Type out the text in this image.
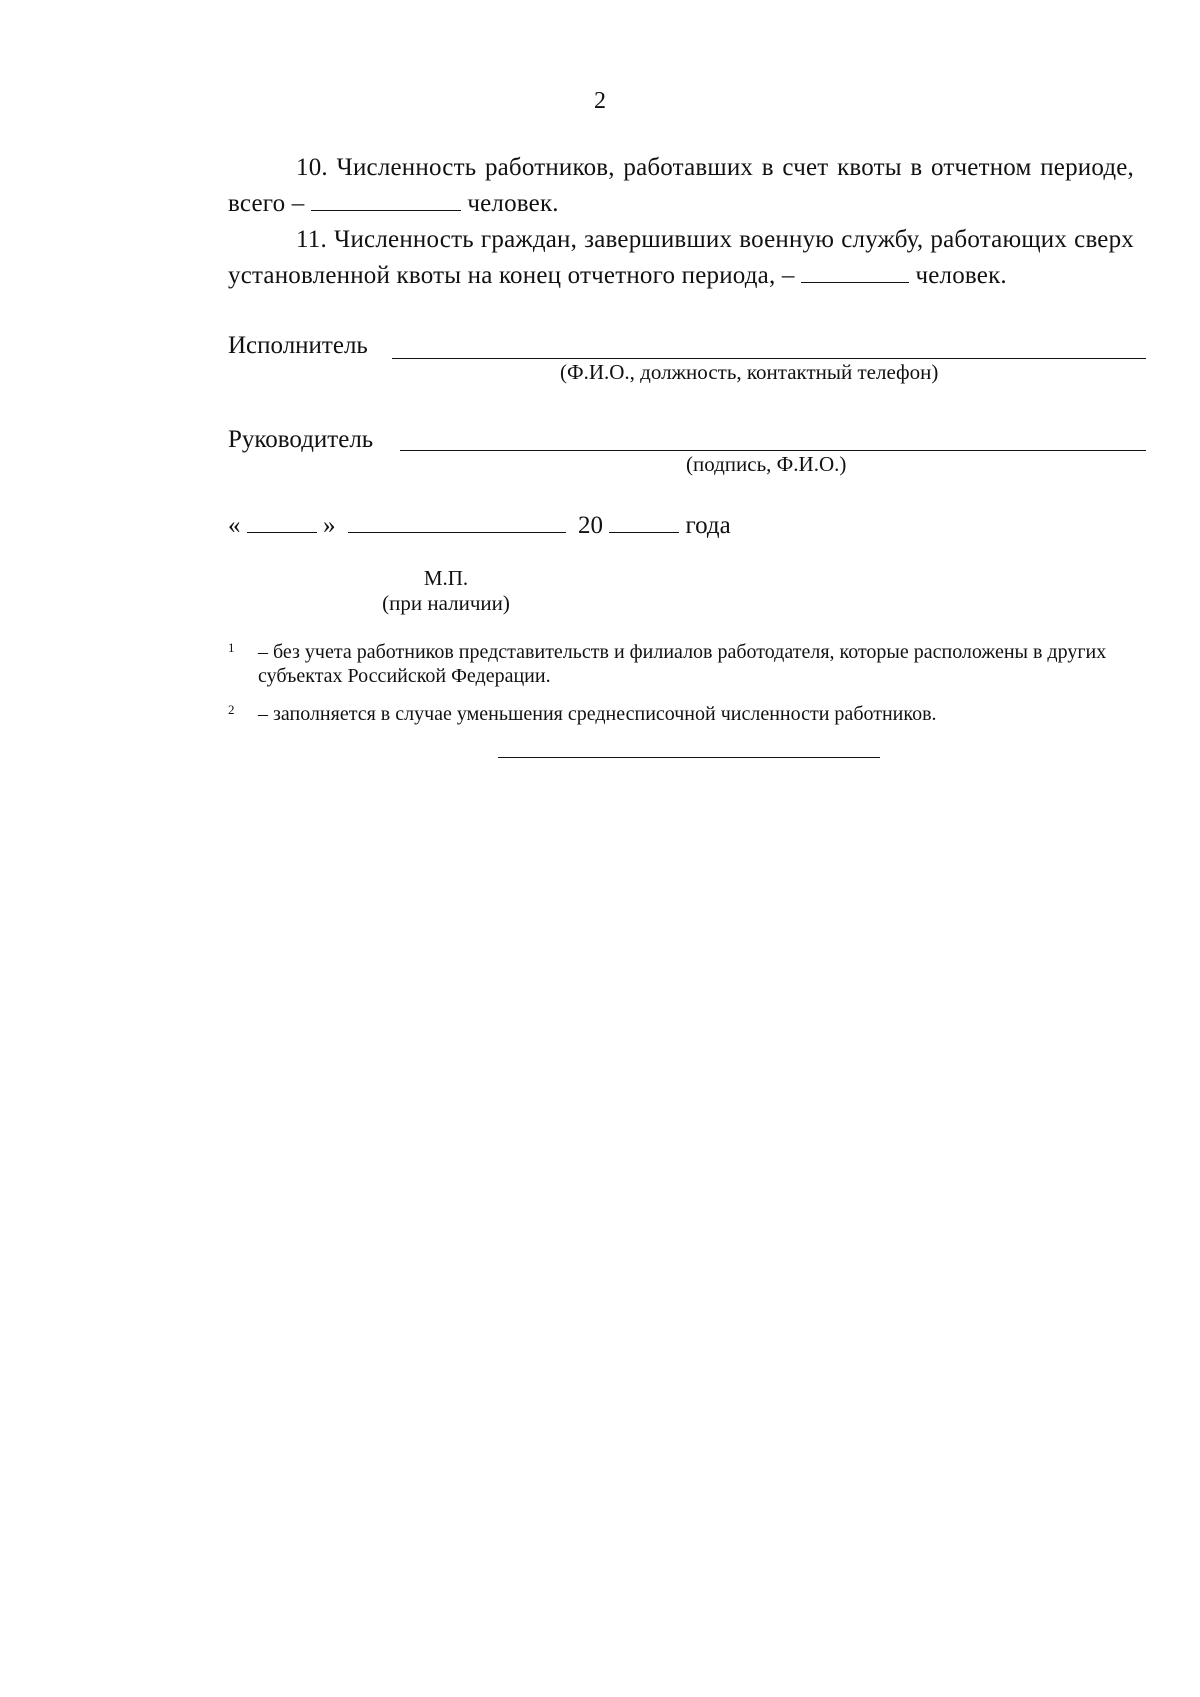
2
10. Численность работников, работавших в счет квоты в отчетном периоде, всего –	человек.
11. Численность граждан, завершивших военную службу, работающих сверх установленной квоты на конец отчетного периода, –	человек.
Исполнитель
(Ф.И.О., должность, контактный телефон)
Руководитель
(подпись, Ф.И.О.)
«	»	20	года
М.П.
(при наличии)
1 – без учета работников представительств и филиалов работодателя, которые расположены в других субъектах Российской Федерации.
2 – заполняется в случае уменьшения среднесписочной численности работников.
